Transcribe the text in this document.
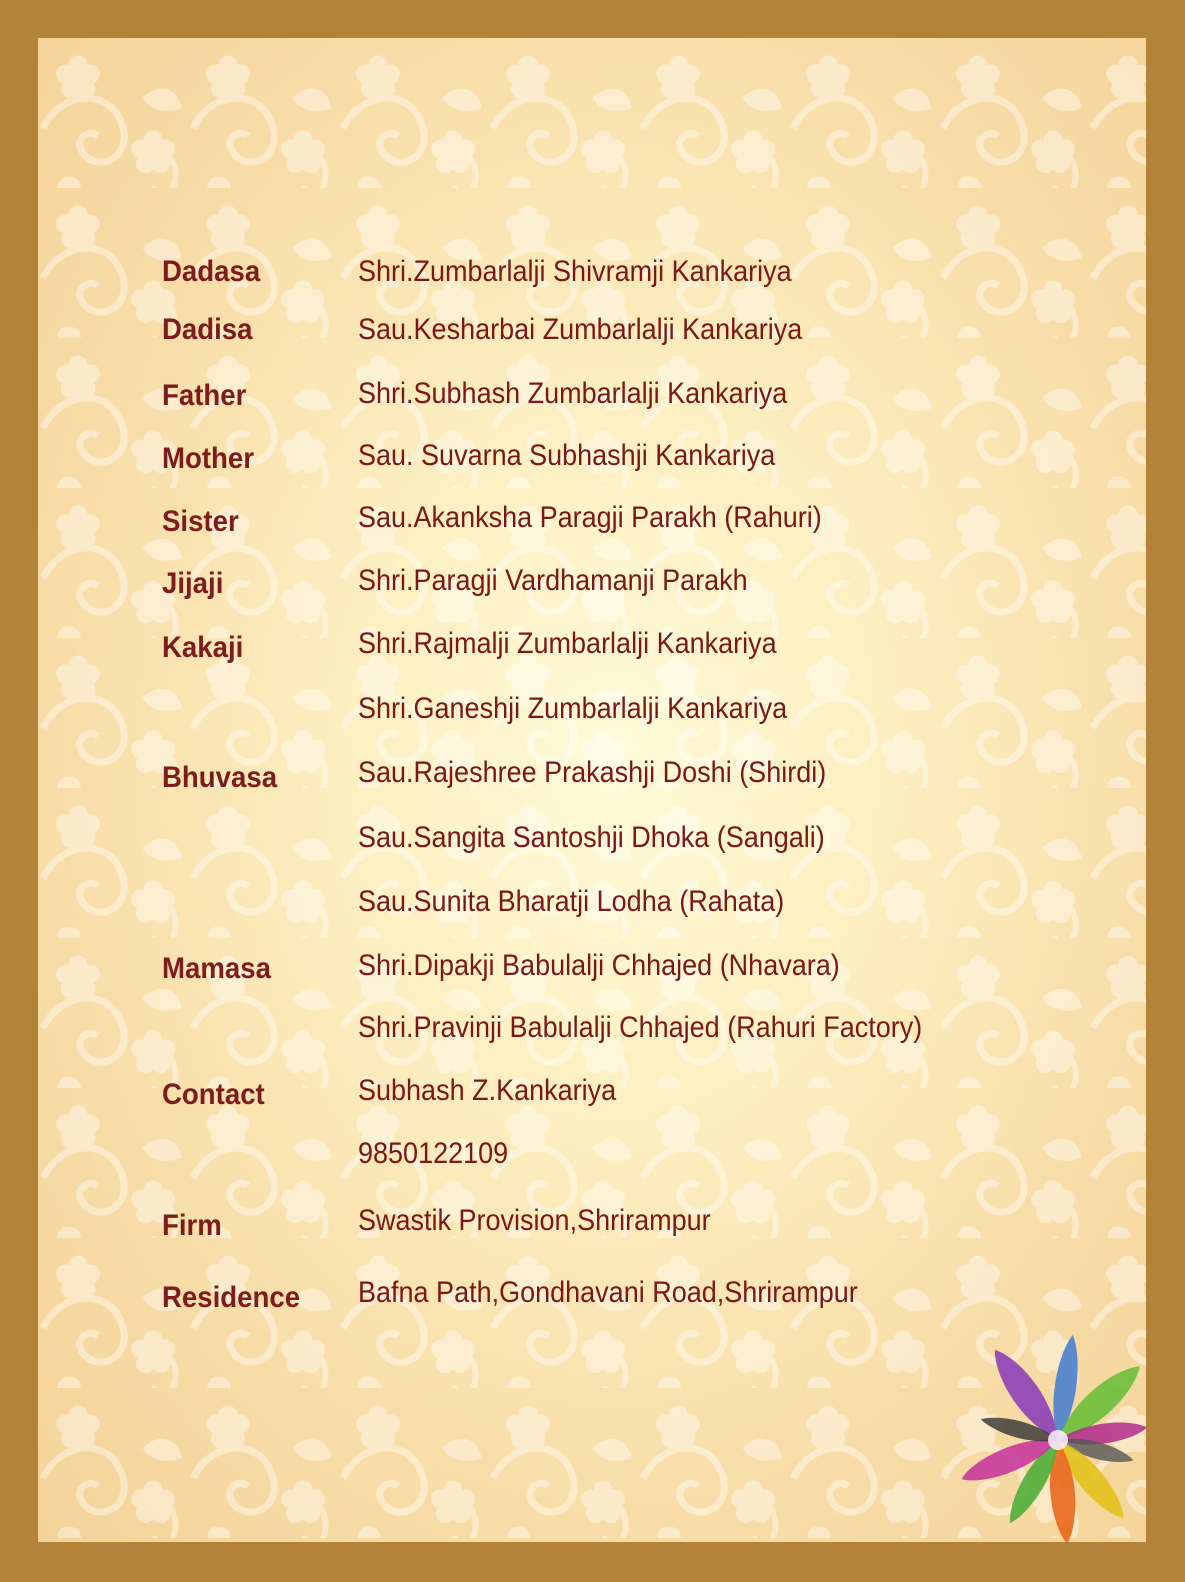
Dadasa	Shri.Zumbarlalji Shivramji Kankariya
Dadisa	Sau.Kesharbai Zumbarlalji Kankariya
Father	Shri.Subhash Zumbarlalji Kankariya
Mother	Sau. Suvarna Subhashji Kankariya
Sister	Sau.Akanksha Paragji Parakh (Rahuri)
Jijaji	Shri.Paragji Vardhamanji Parakh
Kakaji	Shri.Rajmalji Zumbarlalji Kankariya
Shri.Ganeshji Zumbarlalji Kankariya
Bhuvasa	Sau.Rajeshree Prakashji Doshi (Shirdi)
Sau.Sangita Santoshji Dhoka (Sangali)
Sau.Sunita Bharatji Lodha (Rahata)
Mamasa	Shri.Dipakji Babulalji Chhajed (Nhavara)
Shri.Pravinji Babulalji Chhajed (Rahuri Factory)
Contact	Subhash Z.Kankariya
9850122109
Firm	Swastik Provision,Shrirampur
Residence Bafna Path,Gondhavani Road,Shrirampur
